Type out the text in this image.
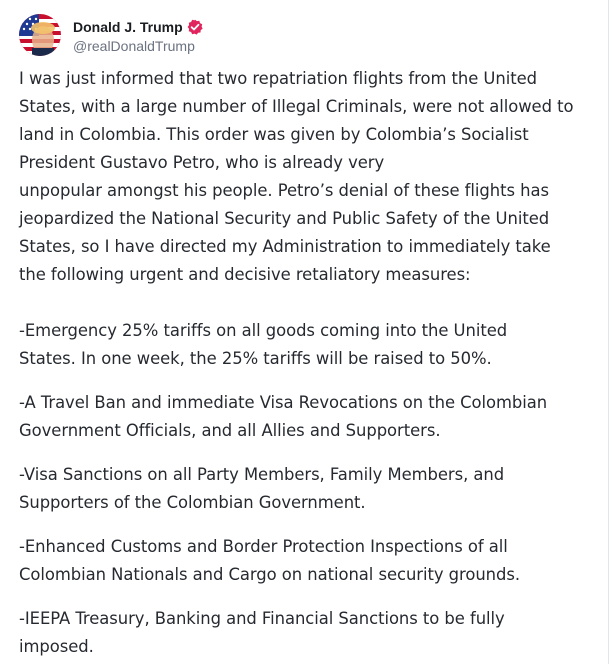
Donald J. Trump
@realDonaldTrump

I was just informed that two repatriation flights from the United
States, with a large number of Illegal Criminals, were not allowed to
land in Colombia. This order was given by Colombia’s Socialist
President Gustavo Petro, who is already very
unpopular amongst his people. Petro’s denial of these flights has
jeopardized the National Security and Public Safety of the United
States, so I have directed my Administration to immediately take
the following urgent and decisive retaliatory measures:

-Emergency 25% tariffs on all goods coming into the United
States. In one week, the 25% tariffs will be raised to 50%.

-A Travel Ban and immediate Visa Revocations on the Colombian
Government Officials, and all Allies and Supporters.

-Visa Sanctions on all Party Members, Family Members, and
Supporters of the Colombian Government.

-Enhanced Customs and Border Protection Inspections of all
Colombian Nationals and Cargo on national security grounds.

-IEEPA Treasury, Banking and Financial Sanctions to be fully
imposed.
